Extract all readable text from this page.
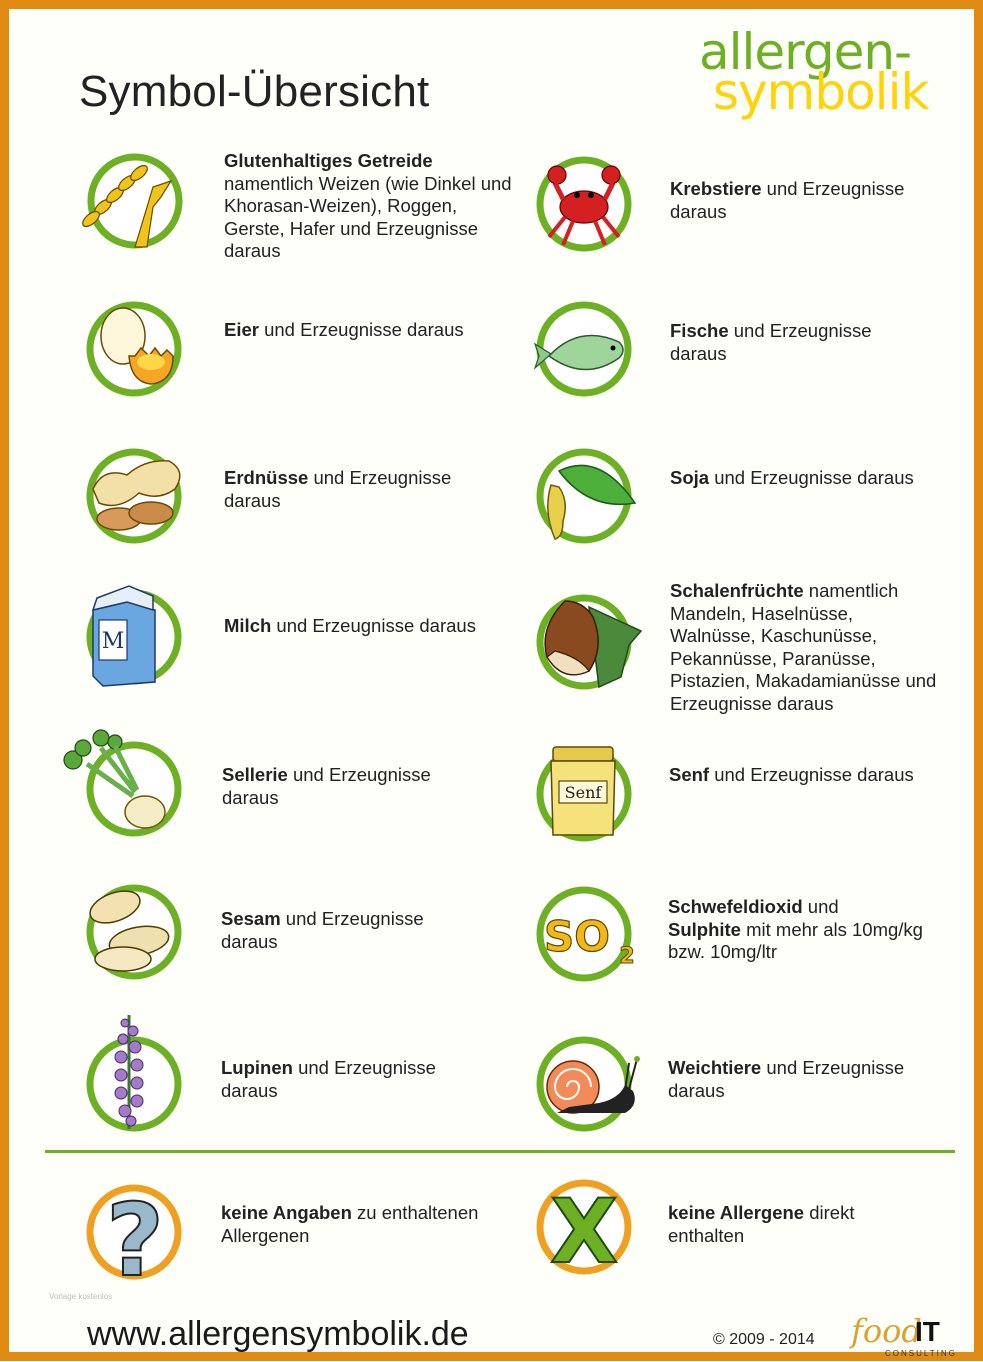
Symbol-Übersicht
allergen-
symbolik
Glutenhaltiges Getreide
namentlich Weizen (wie Dinkel und Khorasan-Weizen), Roggen, Gerste, Hafer und Erzeugnisse daraus
Krebstiere und Erzeugnisse daraus
Eier und Erzeugnisse daraus	Fische und Erzeugnisse daraus
Erdnüsse und Erzeugnisse daraus
Soja und Erzeugnisse daraus
M
Milch und Erzeugnisse daraus
Schalenfrüchte namentlich Mandeln, Haselnüsse, Walnüsse, Kaschunüsse, Pekannüsse, Paranüsse, Pistazien, Makadamianüsse und Erzeugnisse daraus
Sellerie und Erzeugnisse daraus	Senf
Senf und Erzeugnisse daraus
Sesam und Erzeugnisse daraus	SO 2
Schwefeldioxid und
Sulphite mit mehr als 10mg/kg bzw. 10mg/ltr
Lupinen und Erzeugnisse daraus
Weichtiere und Erzeugnisse daraus
?	keine Angaben zu enthaltenen Allergenen	X	keine Allergene direkt enthalten
Vorlage kostenlos
www.allergensymbolik.de	© 2009 - 2014 food
IT
CONSULTING
